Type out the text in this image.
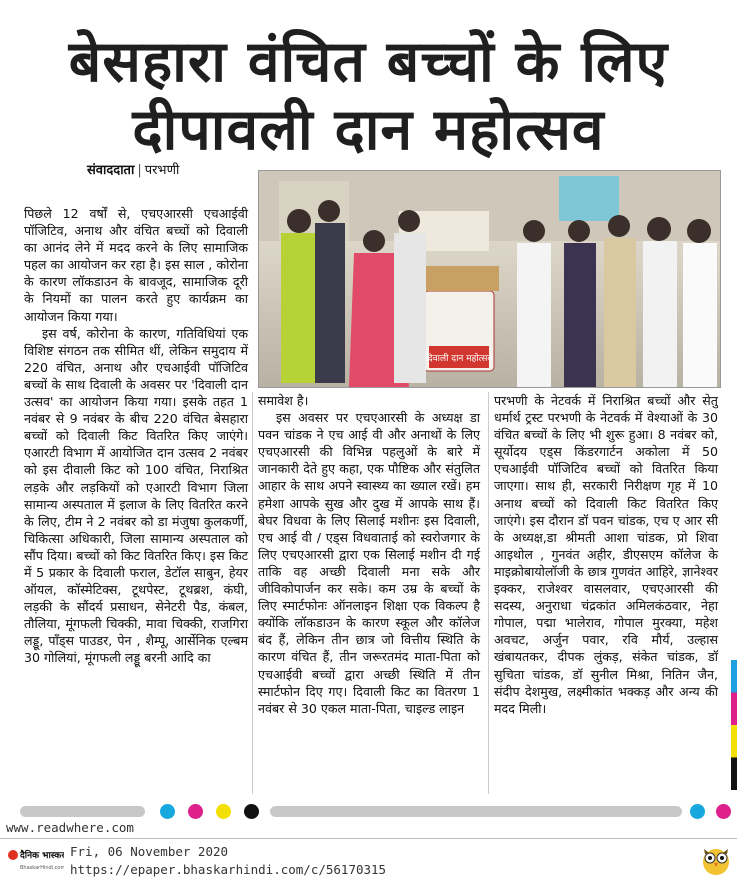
बेसहारा वंचित बच्चों के लिए
दीपावली दान महोत्सव
संवाददाता | परभणी
दिवाली दान महोत्सव

पिछले 12 वर्षों से, एचएआरसी एचआईवी पॉजिटिव, अनाथ और वंचित बच्चों को दिवाली का आनंद लेने में मदद करने के लिए सामाजिक पहल का आयोजन कर रहा है। इस साल , कोरोना के कारण लॉकडाउन के बावजूद, सामाजिक दूरी के नियमों का पालन करते हुए कार्यक्रम का आयोजन किया गया।

इस वर्ष, कोरोना के कारण, गतिविधियां एक विशिष्ट संगठन तक सीमित थीं, लेकिन समुदाय में 220 वंचित, अनाथ और एचआईवी पॉजिटिव बच्चों के साथ दिवाली के अवसर पर 'दिवाली दान उत्सव' का आयोजन किया गया। इसके तहत 1 नवंबर से 9 नवंबर के बीच 220 वंचित बेसहारा बच्चों को दिवाली किट वितरित किए जाएंगे। एआरटी विभाग में आयोजित दान उत्सव 2 नवंबर को इस दीवाली किट को 100 वंचित, निराश्रित लड़के और लड़कियों को एआरटी विभाग जिला सामान्य अस्पताल में इलाज के लिए वितरित करने के लिए, टीम ने 2 नवंबर को डा मंजुषा कुलकर्णी, चिकित्सा अधिकारी, जिला सामान्य अस्पताल को सौंप दिया। बच्चों को किट वितरित किए। इस किट में 5 प्रकार के दिवाली फराल, डेटॉल साबुन, हेयर ऑयल, कॉस्मेटिक्स, टूथपेस्ट, टूथब्रश, कंघी, लड़की के सौंदर्य प्रसाधन, सेनेटरी पैड, कंबल, तौलिया, मूंगफली चिक्की, मावा चिक्की, राजगिरा लड्डू, पॉंड्स पाउडर, पेन , शैम्पू, आर्सेनिक एल्बम 30 गोलियां, मूंगफली लड्डू बरनी आदि का

समावेश है।

इस अवसर पर एचएआरसी के अध्यक्ष डा पवन चांडक ने एच आई वी और अनाथों के लिए एचएआरसी की विभिन्न पहलुओं के बारे में जानकारी देते हुए कहा, एक पौष्टिक और संतुलित आहार के साथ अपने स्वास्थ्य का ख्याल रखें। हम हमेशा आपके सुख और दुख में आपके साथ हैं। बेघर विधवा के लिए सिलाई मशीनः इस दिवाली, एच आई वी / एड्स विधवाताई को स्वरोजगार के लिए एचएआरसी द्वारा एक सिलाई मशीन दी गई ताकि वह अच्छी दिवाली मना सके और जीविकोपार्जन कर सके। कम उम्र के बच्चों के लिए स्मार्टफोनः ऑनलाइन शिक्षा एक विकल्प है क्योंकि लॉकडाउन के कारण स्कूल और कॉलेज बंद हैं, लेकिन तीन छात्र जो वित्तीय स्थिति के कारण वंचित हैं, तीन जरूरतमंद माता-पिता को एचआईवी बच्चों द्वारा अच्छी स्थिति में तीन स्मार्टफोन दिए गए। दिवाली किट का वितरण 1 नवंबर से 30 एकल माता-पिता, चाइल्ड लाइन

परभणी के नेटवर्क में निराश्रित बच्चों और सेतु धर्मार्थ ट्रस्ट परभणी के नेटवर्क में वेश्याओं के 30 वंचित बच्चों के लिए भी शुरू हुआ। 8 नवंबर को, सूर्योदय एड्स किंडरगार्टन अकोला में 50 एचआईवी पॉजिटिव बच्चों को वितरित किया जाएगा। साथ ही, सरकारी निरीक्षण गृह में 10 अनाथ बच्चों को दिवाली किट वितरित किए जाएंगे। इस दौरान डॉ पवन चांडक, एच ए आर सी के अध्यक्ष,डा श्रीमती आशा चांडक, प्रो शिवा आइथोल , गुनवंत अहीर, डीएसएम कॉलेज के माइक्रोबायोलॉजी के छात्र गुणवंत आहिरे, ज्ञानेश्वर इक्कर, राजेश्वर वासलवार, एचएआरसी की सदस्य, अनुराधा चंद्रकांत अमिलकंठवार, नेहा गोपाल, पद्मा भालेराव, गोपाल मुरक्या, महेश अवचट, अर्जुन पवार, रवि मौर्य, उल्हास खंबायतकर, दीपक लुंकड़, संकेत चांडक, डॉ सुचिता चांडक, डॉ सुनील मिश्रा, नितिन जैन, संदीप देशमुख, लक्ष्मीकांत भक्कड़ और अन्य की मदद मिली।

www.readwhere.com
दैनिक भास्कर
BhaskarHindi.com
Fri, 06 November 2020
https://epaper.bhaskarhindi.com/c/56170315
